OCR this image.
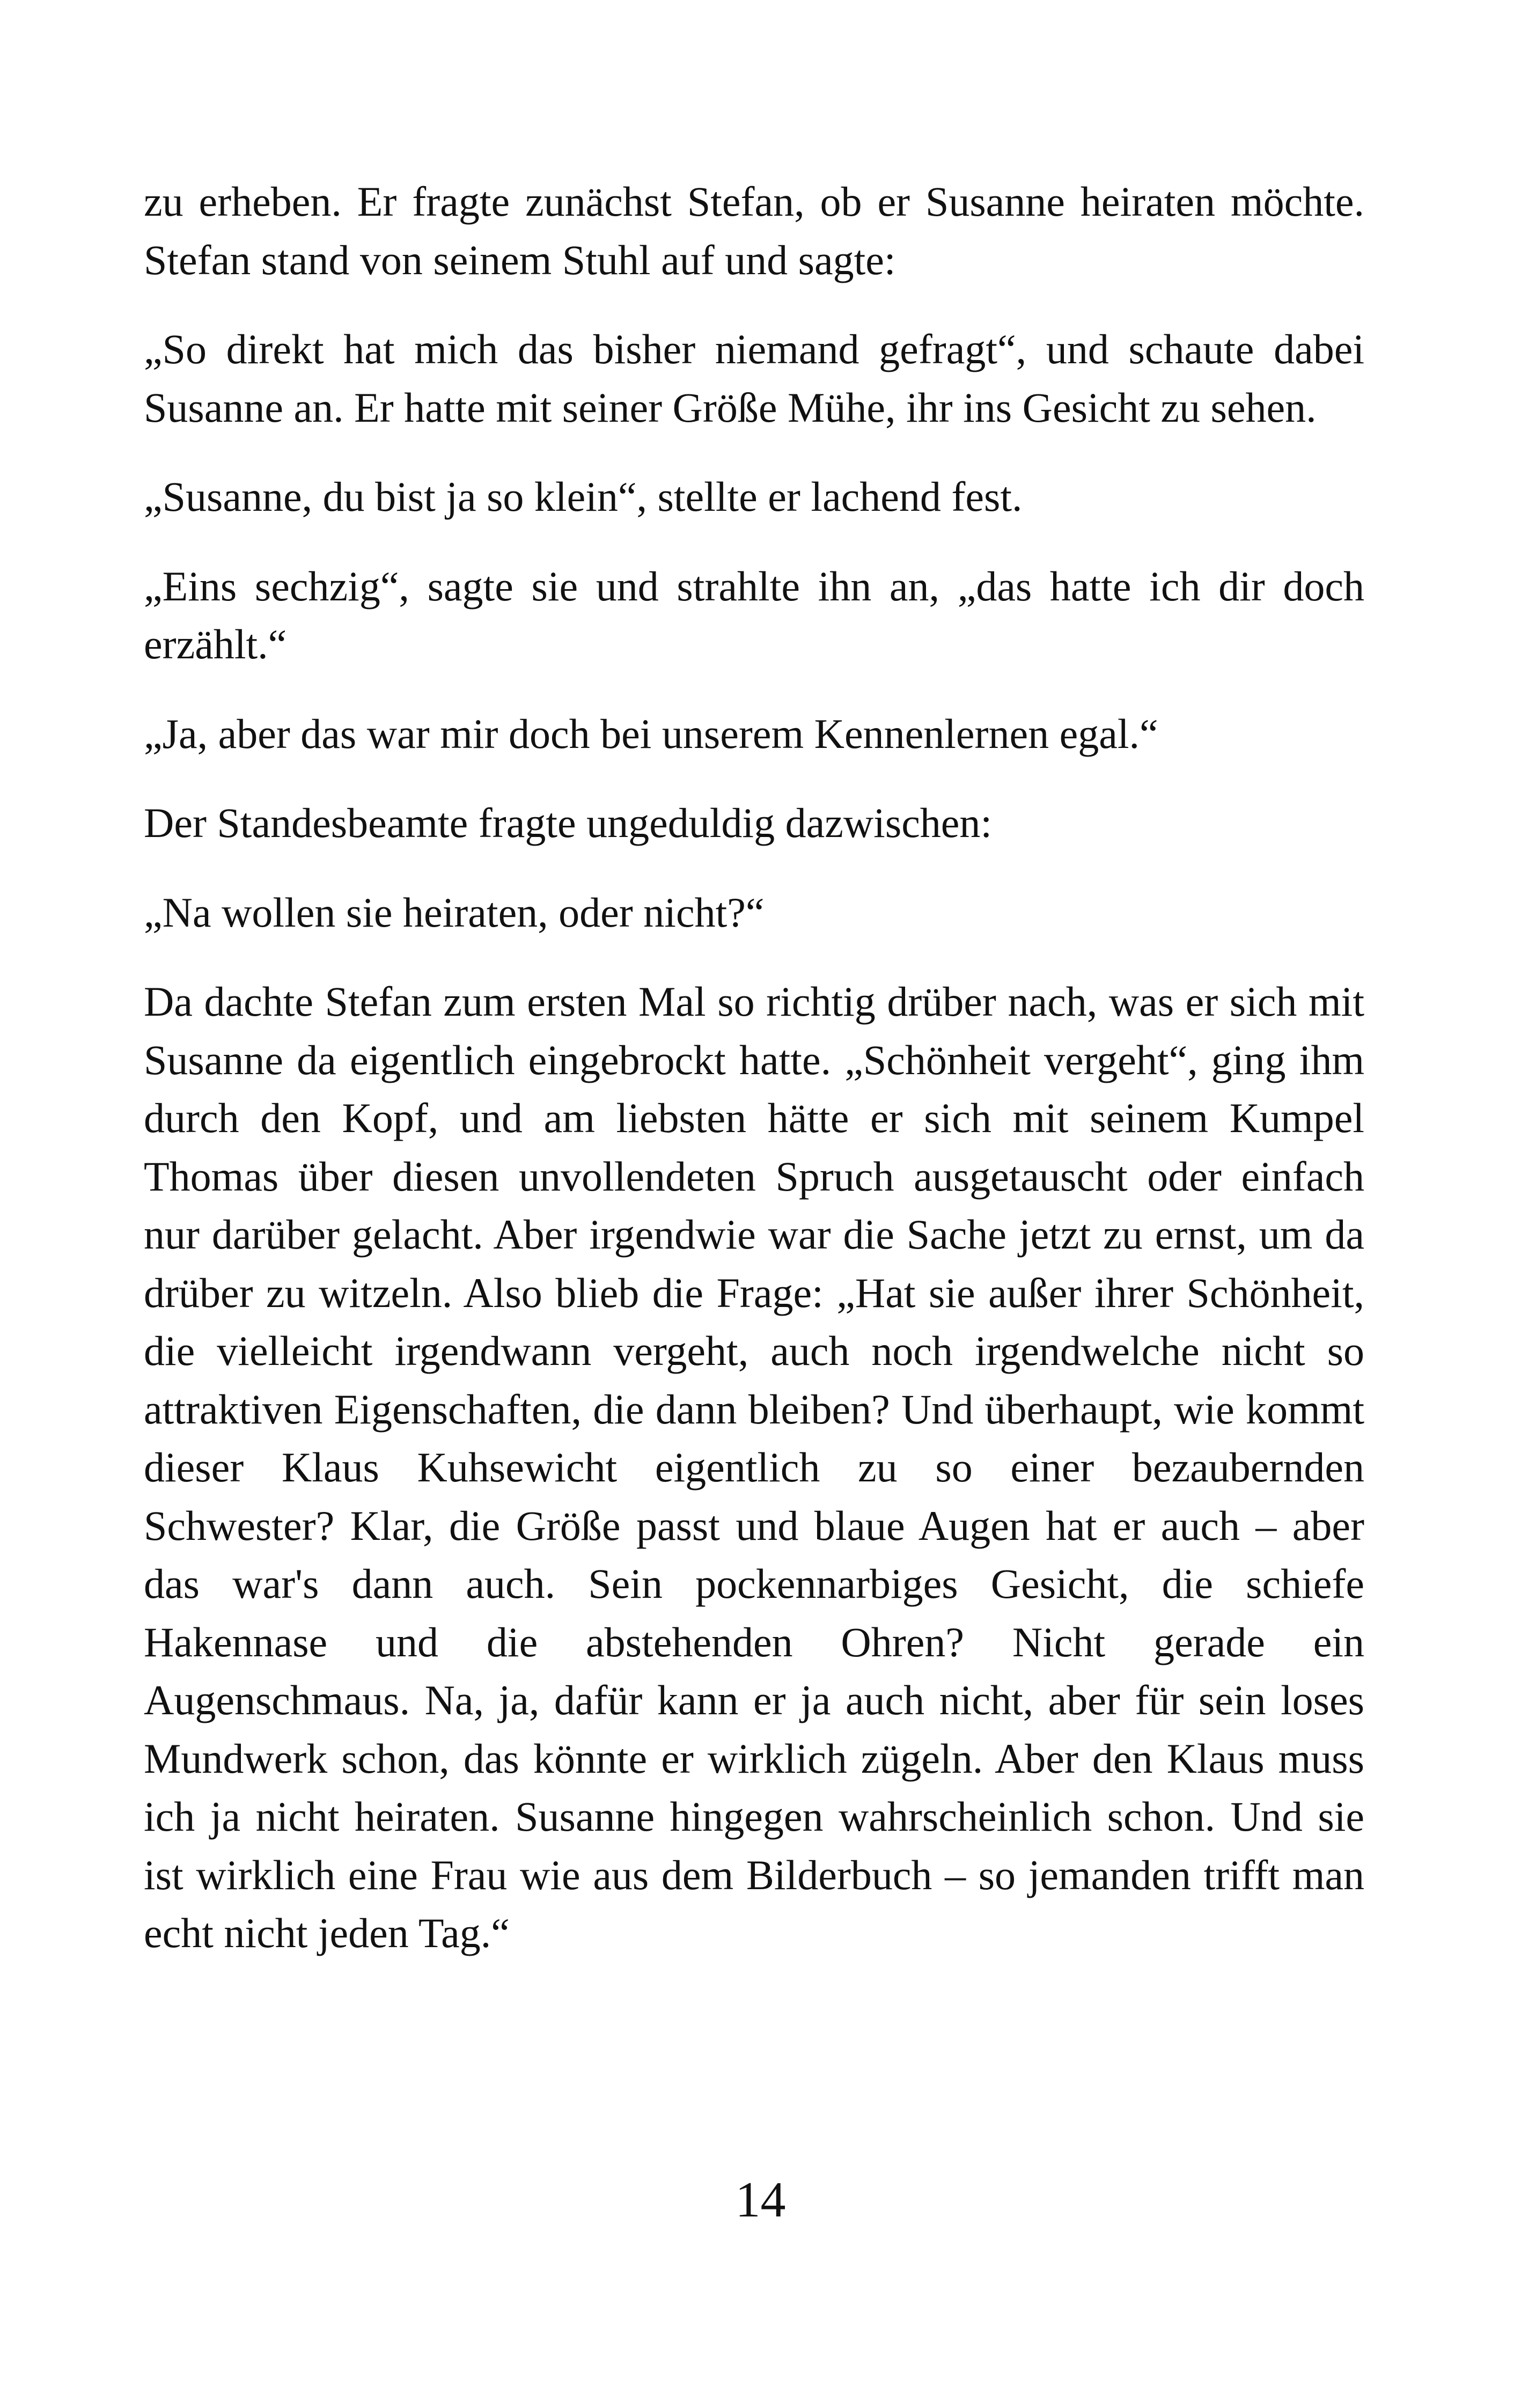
zu erheben. Er fragte zunächst Stefan, ob er Susanne heiraten möchte. Stefan stand von seinem Stuhl auf und sagte:

„So direkt hat mich das bisher niemand gefragt“, und schaute dabei Susanne an. Er hatte mit seiner Größe Mühe, ihr ins Gesicht zu sehen.

„Susanne, du bist ja so klein“, stellte er lachend fest.

„Eins sechzig“, sagte sie und strahlte ihn an, „das hatte ich dir doch erzählt.“

„Ja, aber das war mir doch bei unserem Kennenlernen egal.“

Der Standesbeamte fragte ungeduldig dazwischen:

„Na wollen sie heiraten, oder nicht?“

Da dachte Stefan zum ersten Mal so richtig drüber nach, was er sich mit Susanne da eigentlich eingebrockt hatte. „Schönheit vergeht“, ging ihm durch den Kopf, und am liebsten hätte er sich mit seinem Kumpel Thomas über diesen unvollendeten Spruch ausgetauscht oder einfach nur darüber gelacht. Aber irgendwie war die Sache jetzt zu ernst, um da drüber zu witzeln. Also blieb die Frage: „Hat sie außer ihrer Schönheit, die vielleicht irgendwann vergeht, auch noch irgendwelche nicht so attraktiven Eigenschaften, die dann bleiben? Und überhaupt, wie kommt dieser Klaus Kuhsewicht eigentlich zu so einer bezaubernden Schwester? Klar, die Größe passt und blaue Augen hat er auch – aber das war's dann auch. Sein pockennarbiges Gesicht, die schiefe Hakennase und die abstehenden Ohren? Nicht gerade ein Augenschmaus. Na, ja, dafür kann er ja auch nicht, aber für sein loses Mundwerk schon, das könnte er wirklich zügeln. Aber den Klaus muss ich ja nicht heiraten. Susanne hingegen wahrscheinlich schon. Und sie ist wirklich eine Frau wie aus dem Bilderbuch – so jemanden trifft man echt nicht jeden Tag.“

14
